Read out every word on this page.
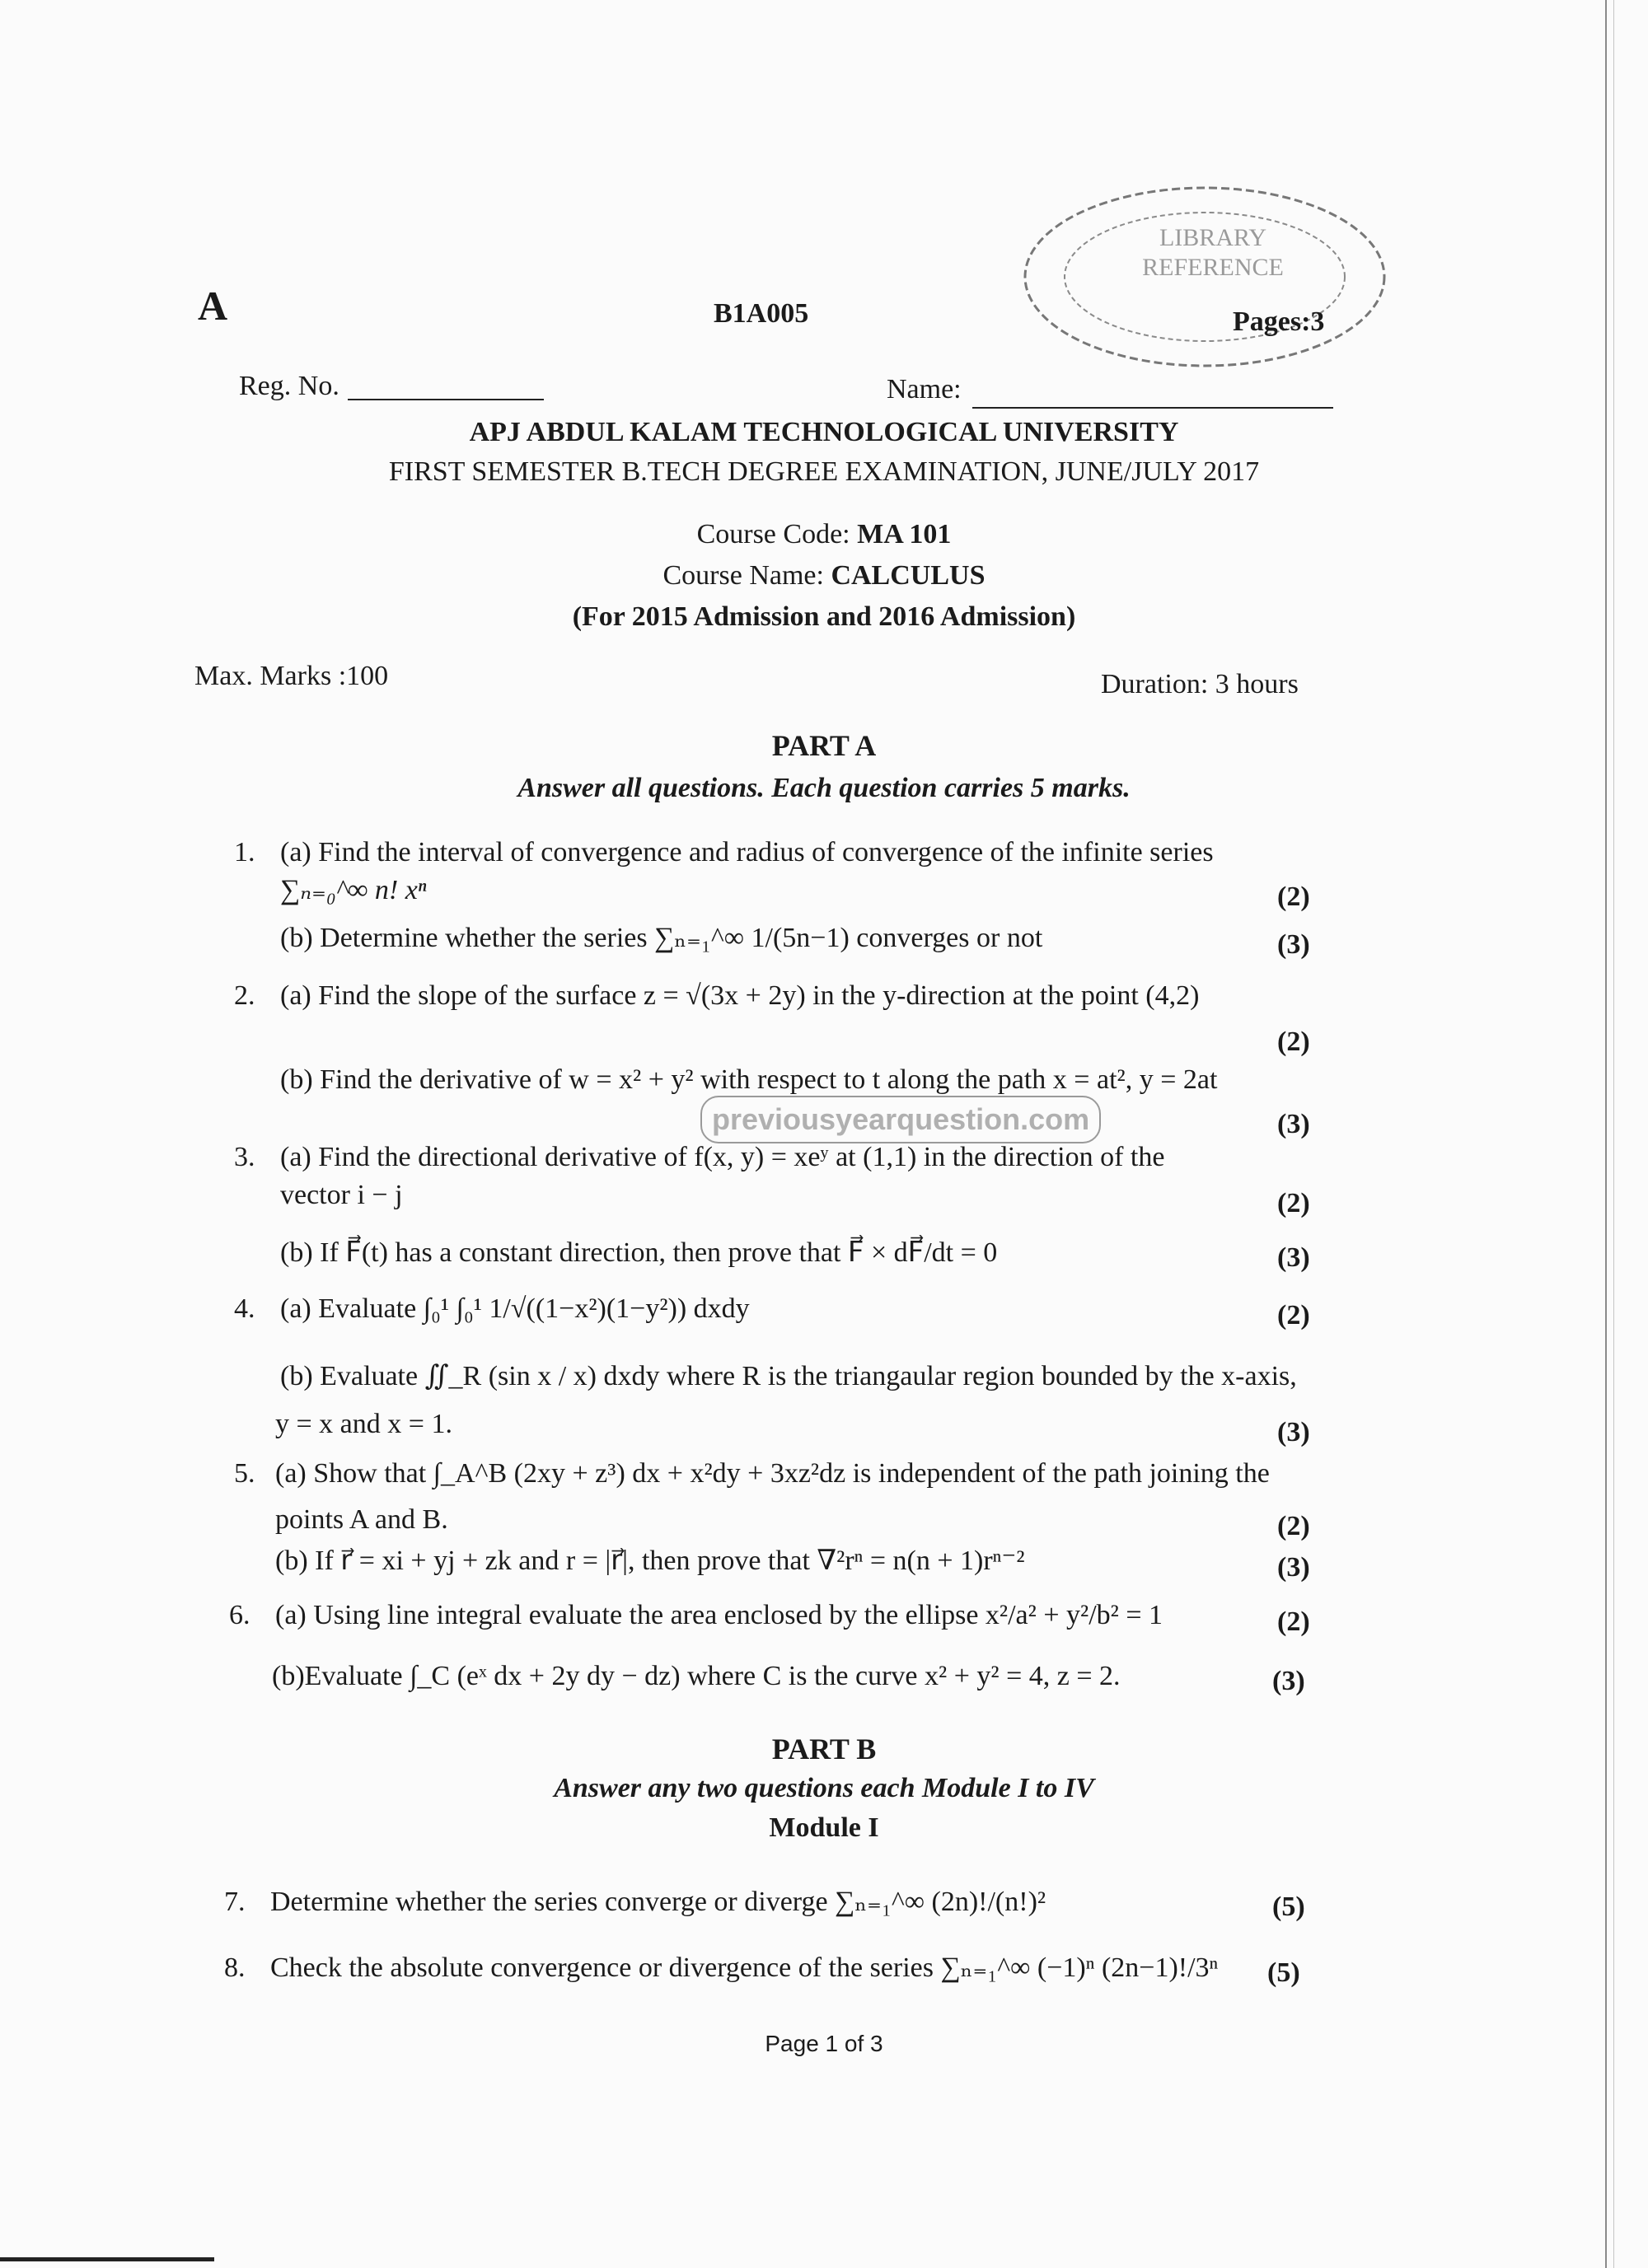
A	B1A005
LIBRARY
REFERENCE
Pages:3
Reg. No.	Name:
APJ ABDUL KALAM TECHNOLOGICAL UNIVERSITY
FIRST SEMESTER B.TECH DEGREE EXAMINATION, JUNE/JULY 2017
Course Code: MA 101
Course Name: CALCULUS
(For 2015 Admission and 2016 Admission)
Max. Marks :100	Duration: 3 hours
PART A
Answer all questions. Each question carries 5 marks.
1. (a) Find the interval of convergence and radius of convergence of the infinite series
∑ₙ₌₀^∞ n! xⁿ	(2)
(b) Determine whether the series ∑ₙ₌₁^∞ 1/(5n−1) converges or not	(3)
2. (a) Find the slope of the surface z = √(3x + 2y) in the y-direction at the point (4,2)
(2)
(b) Find the derivative of w = x² + y² with respect to t along the path x = at², y = 2at
(3)
previousyearquestion.com
3. (a) Find the directional derivative of f(x, y) = xeʸ at (1,1) in the direction of the
vector i − j	(2)
(b) If F⃗(t) has a constant direction, then prove that F⃗ × dF⃗/dt = 0	(3)
4. (a) Evaluate ∫₀¹ ∫₀¹ 1/√((1−x²)(1−y²)) dxdy	(2)
(b) Evaluate ∬_R (sin x / x) dxdy where R is the triangaular region bounded by the x-axis,
y = x and x = 1.	(3)
5. (a) Show that ∫_A^B (2xy + z³) dx + x²dy + 3xz²dz is independent of the path joining the
points A and B.	(2)
(b) If r⃗ = xi + yj + zk and r = |r⃗|, then prove that ∇²rⁿ = n(n + 1)rⁿ⁻²	(3)
6. (a) Using line integral evaluate the area enclosed by the ellipse x²/a² + y²/b² = 1	(2)
(b)Evaluate ∫_C (eˣ dx + 2y dy − dz) where C is the curve x² + y² = 4, z = 2.	(3)
PART B
Answer any two questions each Module I to IV
Module I
7. Determine whether the series converge or diverge ∑ₙ₌₁^∞ (2n)!/(n!)²	(5)
8. Check the absolute convergence or divergence of the series ∑ₙ₌₁^∞ (−1)ⁿ (2n−1)!/3ⁿ (5)
Page 1 of 3
